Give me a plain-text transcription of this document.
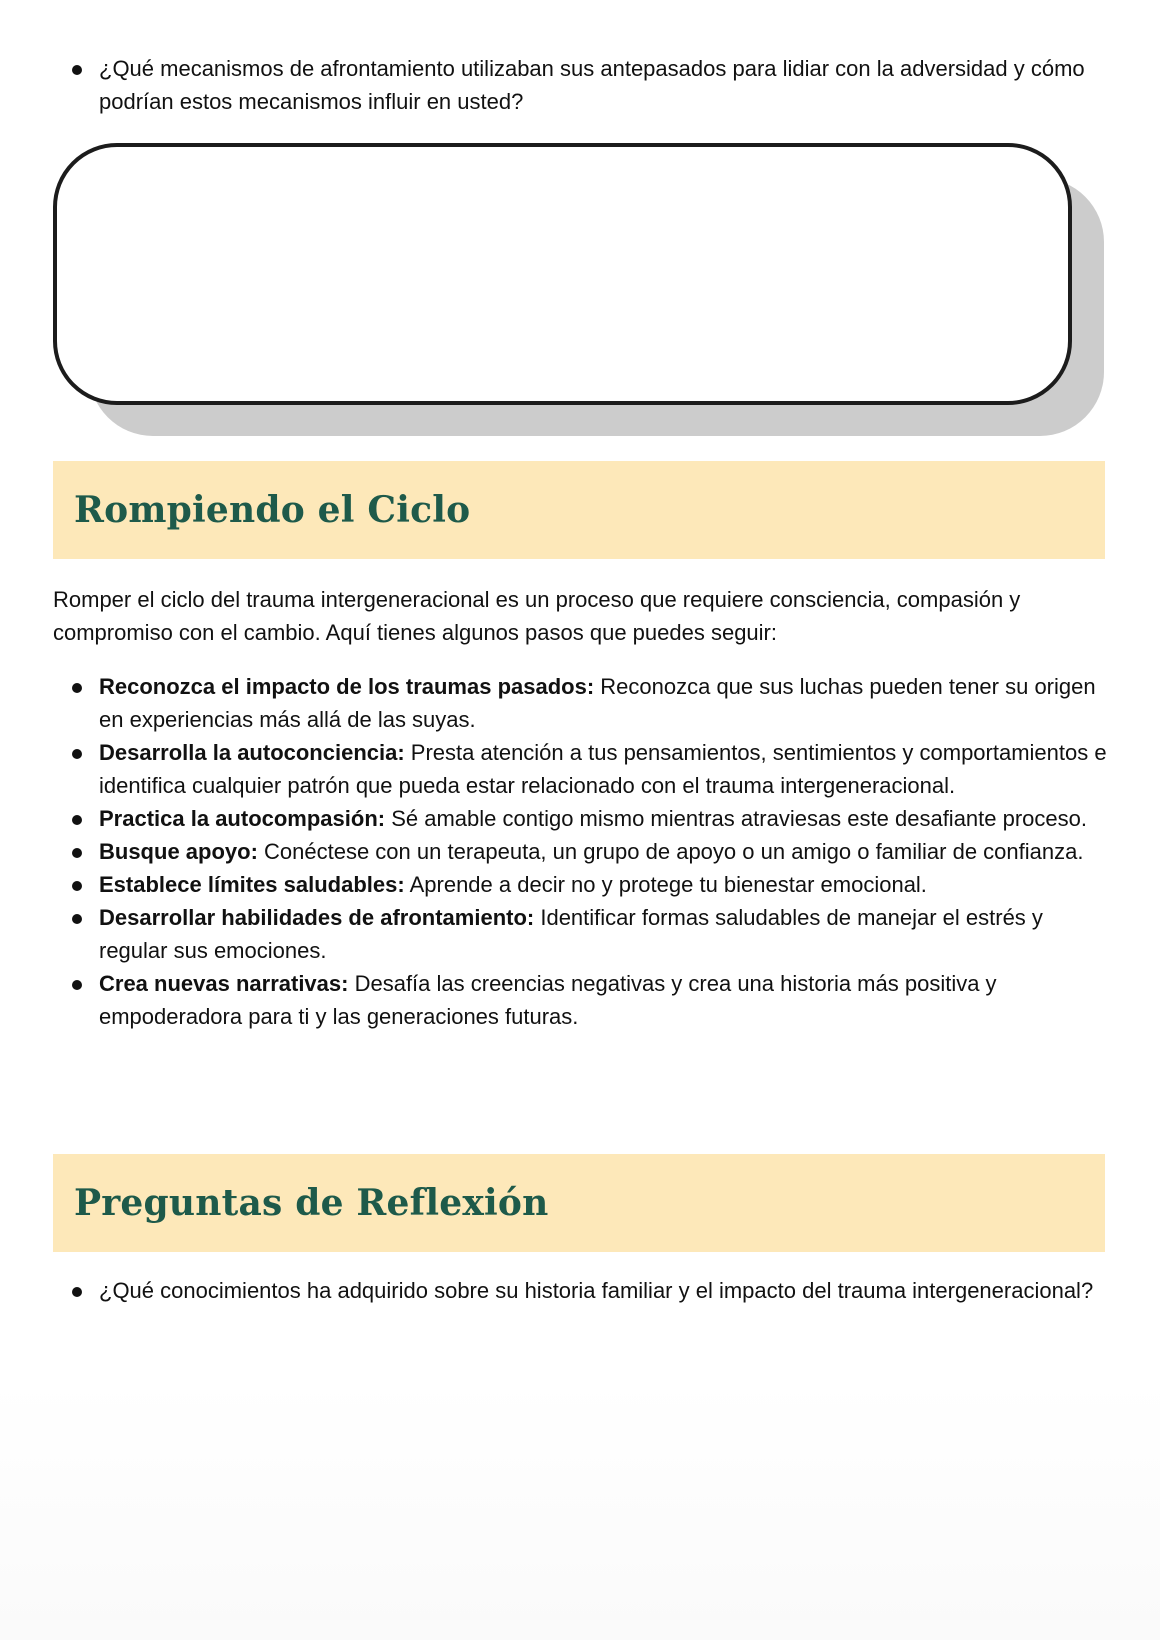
¿Qué mecanismos de afrontamiento utilizaban sus antepasados para lidiar con la adversidad y cómo podrían estos mecanismos influir en usted?
Rompiendo el Ciclo

Romper el ciclo del trauma intergeneracional es un proceso que requiere consciencia, compasión y compromiso con el cambio. Aquí tienes algunos pasos que puedes seguir:

Reconozca el impacto de los traumas pasados: Reconozca que sus luchas pueden tener su origen en experiencias más allá de las suyas.
Desarrolla la autoconciencia: Presta atención a tus pensamientos, sentimientos y comportamientos e identifica cualquier patrón que pueda estar relacionado con el trauma intergeneracional.
Practica la autocompasión: Sé amable contigo mismo mientras atraviesas este desafiante proceso.
Busque apoyo: Conéctese con un terapeuta, un grupo de apoyo o un amigo o familiar de confianza.
Establece límites saludables: Aprende a decir no y protege tu bienestar emocional.
Desarrollar habilidades de afrontamiento: Identificar formas saludables de manejar el estrés y regular sus emociones.
Crea nuevas narrativas: Desafía las creencias negativas y crea una historia más positiva y empoderadora para ti y las generaciones futuras.
Preguntas de Reflexión
¿Qué conocimientos ha adquirido sobre su historia familiar y el impacto del trauma intergeneracional?
